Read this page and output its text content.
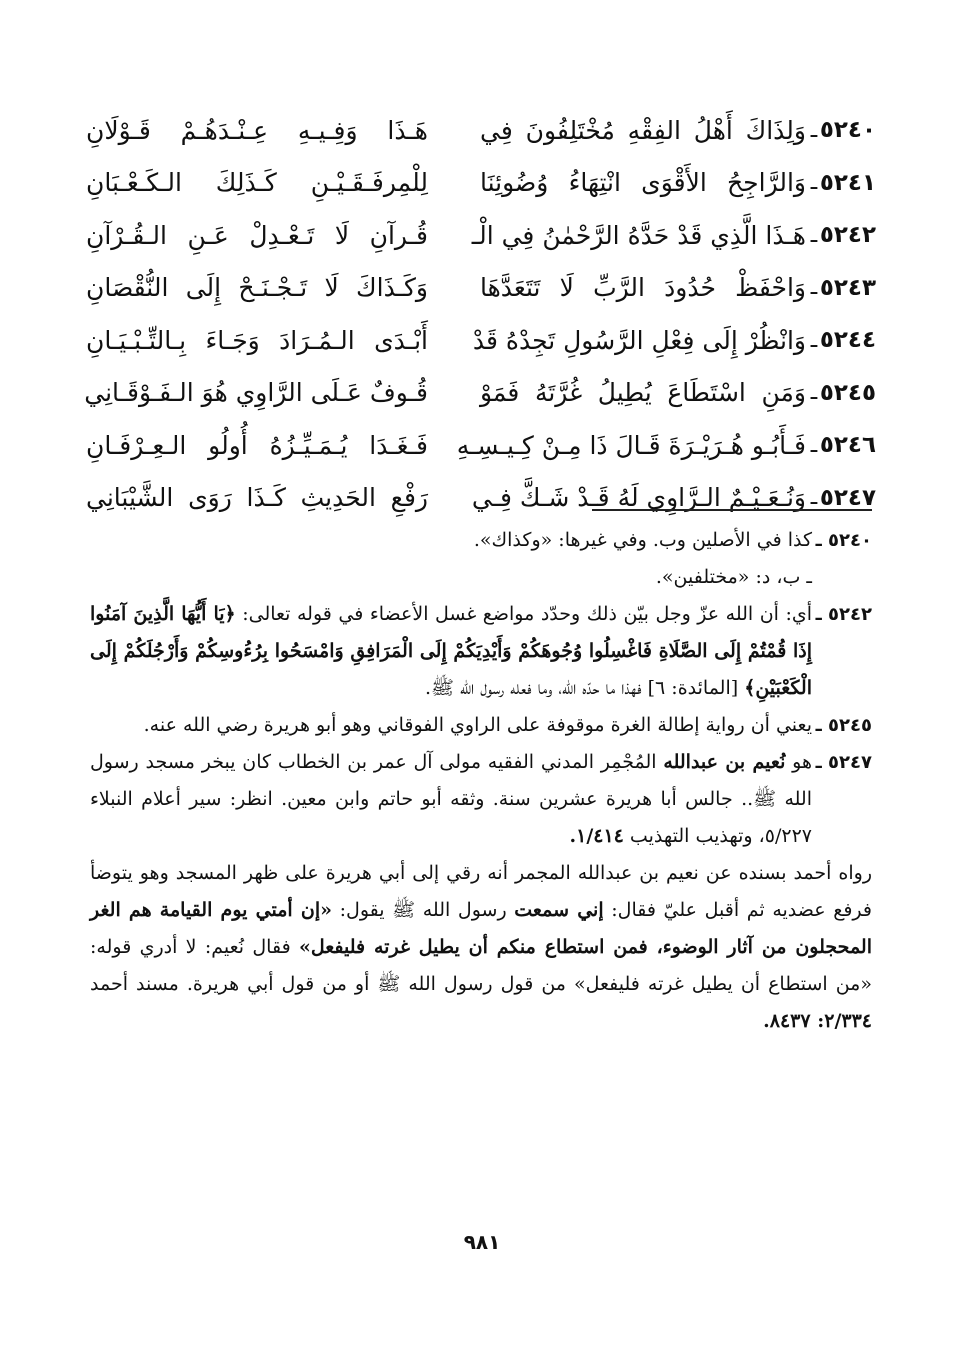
٥٢٤٠
ـ
وَلِذَاكَ أَهْلُ الفِقْهِ مُخْتَلِفُونَ فِي
هَـذَا وَفِـيـهِ عِـنْـدَهُـمْ قَـوْلَانِ
٥٢٤١
ـ
وَالرَّاجِحُ الأَقْوَى انْتِهَاءُ وُضُوئِنَا
لِلْمِرفَـقَـيْـنِ كَـذَلِكَ الـكَـعْـبَانِ
٥٢٤٢
ـ
هَـذَا الَّذِي قَدْ حَدَّهُ الرَّحْمٰنُ فِي الْـ
قُـرآنِ لَا تَـعْـدِلْ عَـنِ الـقُـرْآنِ
٥٢٤٣
ـ
وَاحْفَظْ حُدُودَ الرَّبِّ لَا تَتَعَدَّهَا
وَكَـذَاكَ لَا تَـجْـنَـحْ إِلَى النُّقْصَانِ
٥٢٤٤
ـ
وَانْظُرْ إِلَى فِعْلِ الرَّسُولِ تَجِدْهُ قَدْ
أَبْـدَى الـمُـرَادَ وَجَـاءَ بِـالتِّـبْـيَـانِ
٥٢٤٥
ـ
وَمَنِ اسْتَطَاعَ يُطِيلُ غُرَّتَهُ فَمَوْ
قُـوفٌ عَـلَى الرَّاوِي هُوَ الـفَـوْقَـانِي
٥٢٤٦
ـ
فَـأَبُـو هُـرَيْـرَةَ قَـالَ ذَا مِـنْ كِـيـسِـهِ
فَـغَـدَا يُـمَـيِّـزُهُ أُولُو الـعِـرْفَـانِ
٥٢٤٧
ـ
وَنُـعَـيْـمٌ الـرَّاوِي لَهُ قَـدْ شَـكَّ فِـي
رَفْعِ الحَدِيثِ كَـذَا رَوَى الشَّيْبَانِي
٥٢٤٠ ـ

كذا في الأصلين وب. وفي غيرها: «وكذاك».

ـ ب، د: «مختلفين».

٥٢٤٢ ـ

أي: أن الله عزّ وجل بيّن ذلك وحدّد مواضع غسل الأعضاء في قوله تعالى: ﴿يَا أَيُّهَا الَّذِينَ آمَنُوا إِذَا قُمْتُمْ إِلَى الصَّلَاةِ فَاغْسِلُوا وُجُوهَكُمْ وَأَيْدِيَكُمْ إِلَى الْمَرَافِقِ وَامْسَحُوا بِرُءُوسِكُمْ وَأَرْجُلَكُمْ إِلَى الْكَعْبَيْنِ﴾ [المائدة: ٦] فهذا ما حدّه الله، وما فعله رسول الله ﷺ.

٥٢٤٥ ـ

يعني أن رواية إطالة الغرة موقوفة على الراوي الفوقاني وهو أبو هريرة رضي الله عنه.

٥٢٤٧ ـ

هو نُعيم بن عبدالله المُجْمِر المدني الفقيه مولى آل عمر بن الخطاب كان يبخر مسجد رسول الله ﷺ.. جالس أبا هريرة عشرين سنة. وثقه أبو حاتم وابن معين. انظر: سير أعلام النبلاء ٥/٢٢٧، وتهذيب التهذيب ١/٤١٤.

رواه أحمد بسنده عن نعيم بن عبدالله المجمر أنه رقي إلى أبي هريرة على ظهر المسجد وهو يتوضأ فرفع عضديه ثم أقبل عليّ فقال: إني سمعت رسول الله ﷺ يقول: «إن أمتي يوم القيامة هم الغر المحجلون من آثار الوضوء، فمن استطاع منكم أن يطيل غرته فليفعل» فقال نُعيم: لا أدري قوله: «من استطاع أن يطيل غرته فليفعل» من قول رسول الله ﷺ أو من قول أبي هريرة. مسند أحمد ٢/٣٣٤: ٨٤٣٧.

٩٨١
